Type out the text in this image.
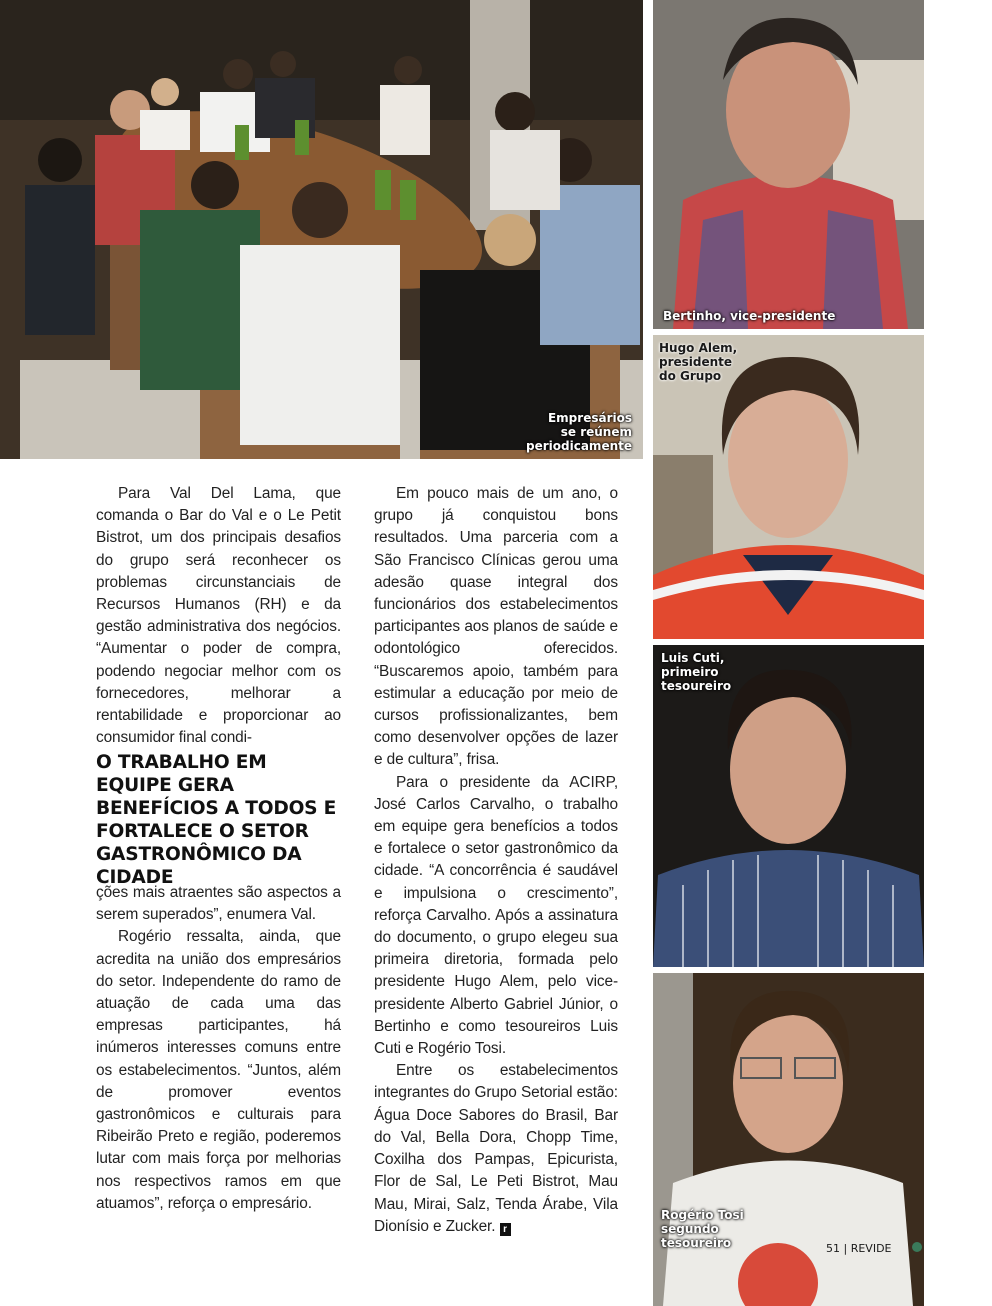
Empresários
se reúnem
periodicamente
Bertinho, vice-presidente
Hugo Alem,
presidente
do Grupo
Luis Cuti,
primeiro
tesoureiro
Rogério Tosi
segundo
tesoureiro

Para Val Del Lama, que comanda o Bar do Val e o Le Petit Bistrot, um dos principais desafios do grupo será reconhecer os problemas circunstanciais de Recursos Humanos (RH) e da gestão administrativa dos negócios. “Aumentar o poder de compra, podendo negociar melhor com os fornecedores, melhorar a rentabilidade e proporcionar ao consumidor final condi-

O TRABALHO EM EQUIPE GERA BENEFÍCIOS A TODOS E FORTALECE O SETOR GASTRONÔMICO DA CIDADE

ções mais atraentes são aspectos a serem superados”, enumera Val.

Rogério ressalta, ainda, que acredita na união dos empresários do setor. Independente do ramo de atuação de cada uma das empresas participantes, há inúmeros interesses comuns entre os estabelecimentos. “Juntos, além de promover eventos gastronômicos e culturais para Ribeirão Preto e região, poderemos lutar com mais força por melhorias nos respectivos ramos em que atuamos”, reforça o empresário.

Em pouco mais de um ano, o grupo já conquistou bons resultados. Uma parceria com a São Francisco Clínicas gerou uma adesão quase integral dos funcionários dos estabelecimentos participantes aos planos de saúde e odontológico oferecidos. “Buscaremos apoio, também para estimular a educação por meio de cursos profissionalizantes, bem como desenvolver opções de lazer e de cultura”, frisa.

Para o presidente da ACIRP, José Carlos Carvalho, o trabalho em equipe gera benefícios a todos e fortalece o setor gastronômico da cidade. “A concorrência é saudável e impulsiona o crescimento”, reforça Carvalho. Após a assinatura do documento, o grupo elegeu sua primeira diretoria, formada pelo presidente Hugo Alem, pelo vice-presidente Alberto Gabriel Júnior, o Bertinho e como tesoureiros Luis Cuti e Rogério Tosi.

Entre os estabelecimentos integrantes do Grupo Setorial estão: Água Doce Sabores do Brasil, Bar do Val, Bella Dora, Chopp Time, Coxilha dos Pampas, Epicurista, Flor de Sal, Le Peti Bistrot, Mau Mau, Mirai, Salz, Tenda Árabe, Vila Dionísio e Zucker. r

51 | REVIDE
